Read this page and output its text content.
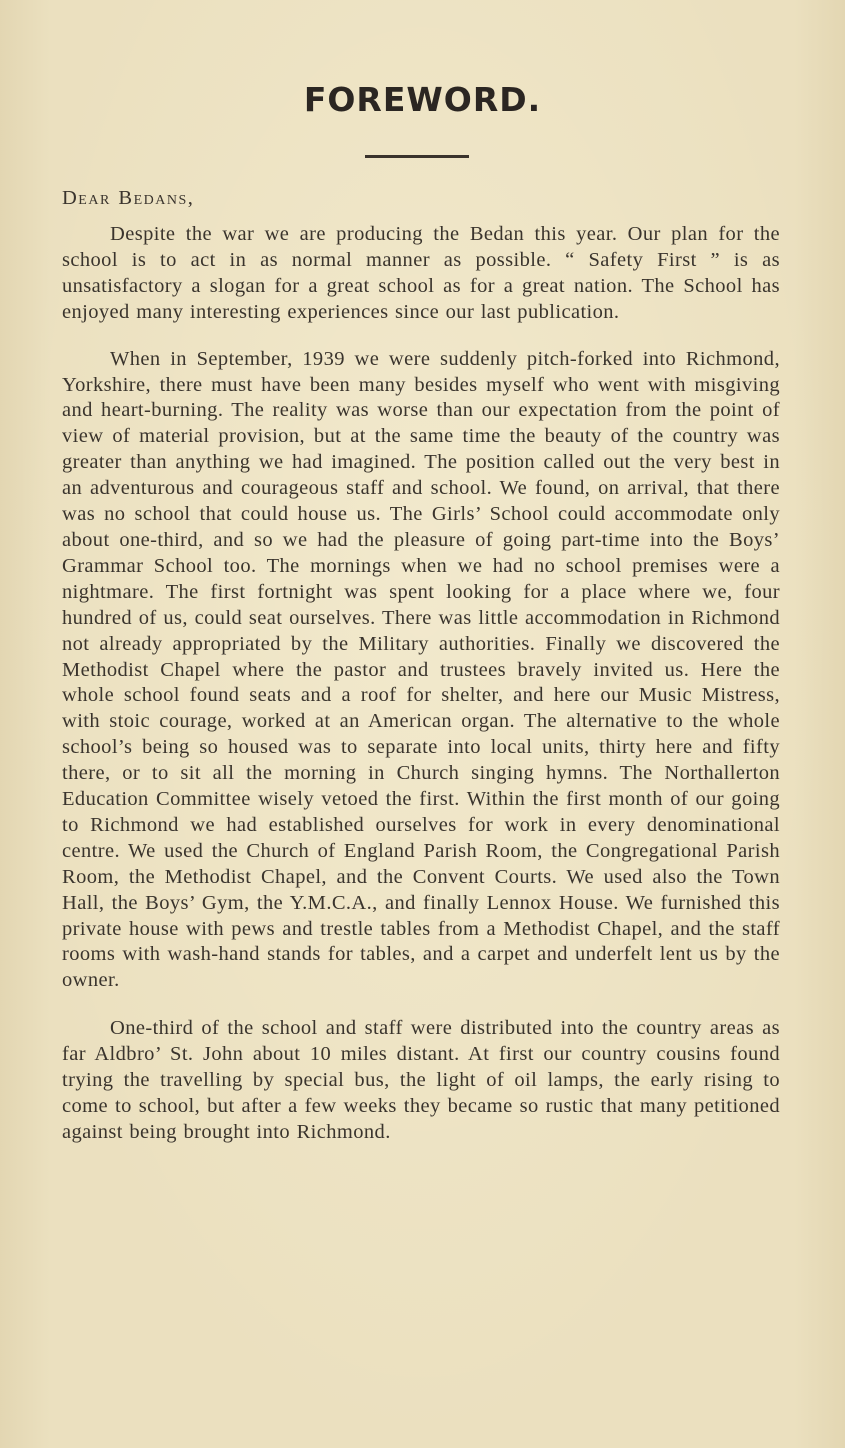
FOREWORD.

Dear Bedans,

Despite the war we are producing the Bedan this year. Our plan for the school is to act in as normal manner as possible. “ Safety First ” is as unsatisfactory a slogan for a great school as for a great nation. The School has enjoyed many interesting experiences since our last publication.

When in September, 1939 we were suddenly pitch-forked into Richmond, Yorkshire, there must have been many besides myself who went with misgiving and heart-burning. The reality was worse than our expectation from the point of view of material provision, but at the same time the beauty of the country was greater than anything we had imagined. The position called out the very best in an adventurous and courageous staff and school. We found, on arrival, that there was no school that could house us. The Girls’ School could accommodate only about one-third, and so we had the pleasure of going part-time into the Boys’ Grammar School too. The mornings when we had no school premises were a nightmare. The first fortnight was spent looking for a place where we, four hundred of us, could seat ourselves. There was little accommodation in Richmond not already appropriated by the Military authorities. Finally we discovered the Methodist Chapel where the pastor and trustees bravely invited us. Here the whole school found seats and a roof for shelter, and here our Music Mistress, with stoic courage, worked at an American organ. The alternative to the whole school’s being so housed was to separate into local units, thirty here and fifty there, or to sit all the morning in Church singing hymns. The Northallerton Education Committee wisely vetoed the first. Within the first month of our going to Richmond we had established ourselves for work in every denominational centre. We used the Church of England Parish Room, the Congregational Parish Room, the Methodist Chapel, and the Convent Courts. We used also the Town Hall, the Boys’ Gym, the Y.M.C.A., and finally Lennox House. We furnished this private house with pews and trestle tables from a Methodist Chapel, and the staff rooms with wash-hand stands for tables, and a carpet and underfelt lent us by the owner.

One-third of the school and staff were distributed into the country areas as far Aldbro’ St. John about 10 miles distant. At first our country cousins found trying the travelling by special bus, the light of oil lamps, the early rising to come to school, but after a few weeks they became so rustic that many petitioned against being brought into Richmond.
